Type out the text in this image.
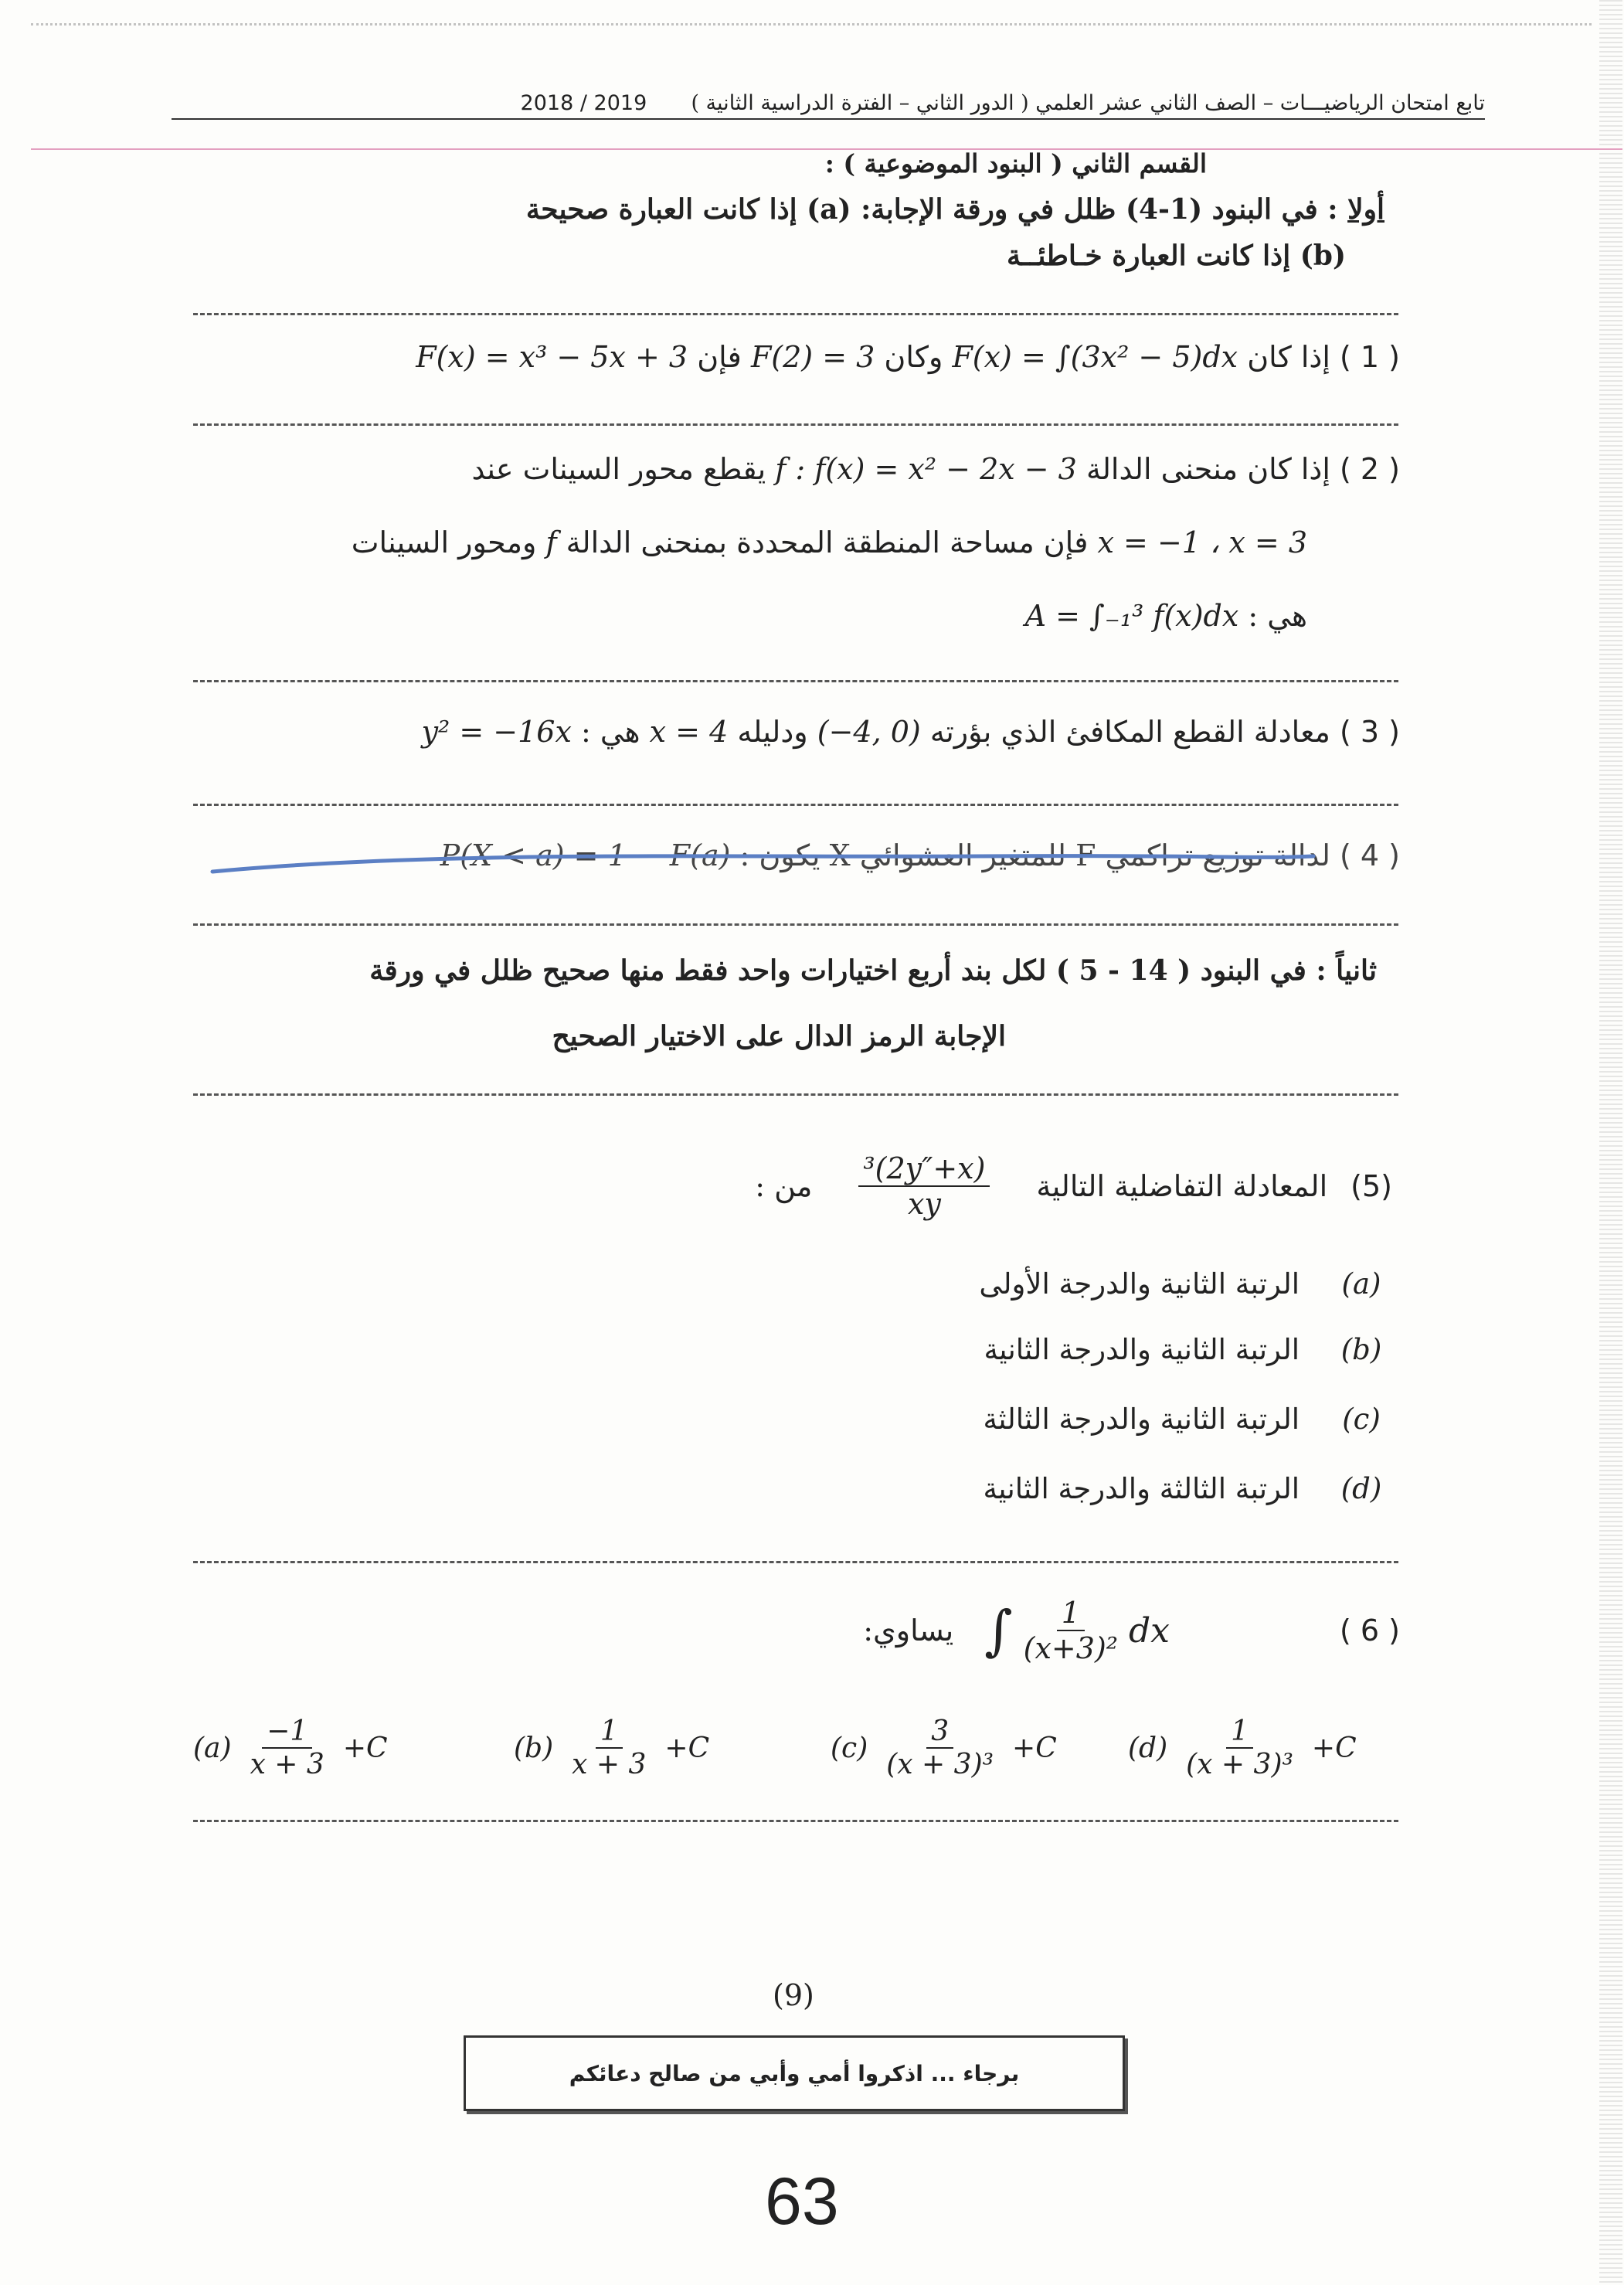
تابع امتحان الرياضيـــات – الصف الثاني عشر العلمي ( الدور الثاني – الفترة الدراسية الثانية )  2019 / 2018
القسم الثاني ( البنود الموضوعية ) :
أولا : في البنود (1-4) ظلل في ورقة الإجابة: (a) إذا كانت العبارة صحيحة
(b) إذا كانت العبارة خـاطئــة
( 1 ) إذا كان F(x) = ∫(3x² − 5)dx وكان F(2) = 3 فإن F(x) = x³ − 5x + 3
( 2 ) إذا كان منحنى الدالة f : f(x) = x² − 2x − 3 يقطع محور السينات عند
x = −1 ، x = 3 فإن مساحة المنطقة المحددة بمنحنى الدالة f ومحور السينات
هي : A = ∫₋₁³ f(x)dx
( 3 ) معادلة القطع المكافئ الذي بؤرته (−4, 0) ودليله x = 4 هي : y² = −16x
( 4 ) لدالة توزيع تراكمي F للمتغير العشوائي X يكون : P(X < a) = 1 − F(a)
ثانياً : في البنود ( 14 - 5 ) لكل بند أربع اختيارات واحد فقط منها صحيح ظلل في ورقة
الإجابة الرمز الدال على الاختيار الصحيح
(5)
المعادلة التفاضلية التالية
$\frac{\text{(2y″+x)³}}{xy}$
من :
(a)
الرتبة الثانية والدرجة الأولى
(b)
الرتبة الثانية والدرجة الثانية
(c)
الرتبة الثانية والدرجة الثالثة
(d)
الرتبة الثالثة والدرجة الثانية
( 6 )
∫ $\frac{1}{\text{(x+3)²}}$ dx
يساوي:
$(a) \frac{-1}{x + 3} +C$	$(b) \frac{1}{x + 3} +C$	$(c) \frac{3}{\text{(x + 3)³}} +C$	$(d) \frac{1}{\text{(x + 3)³}} +C$
(9)
برجاء ... اذكروا أمي وأبي من صالح دعائكم
63
